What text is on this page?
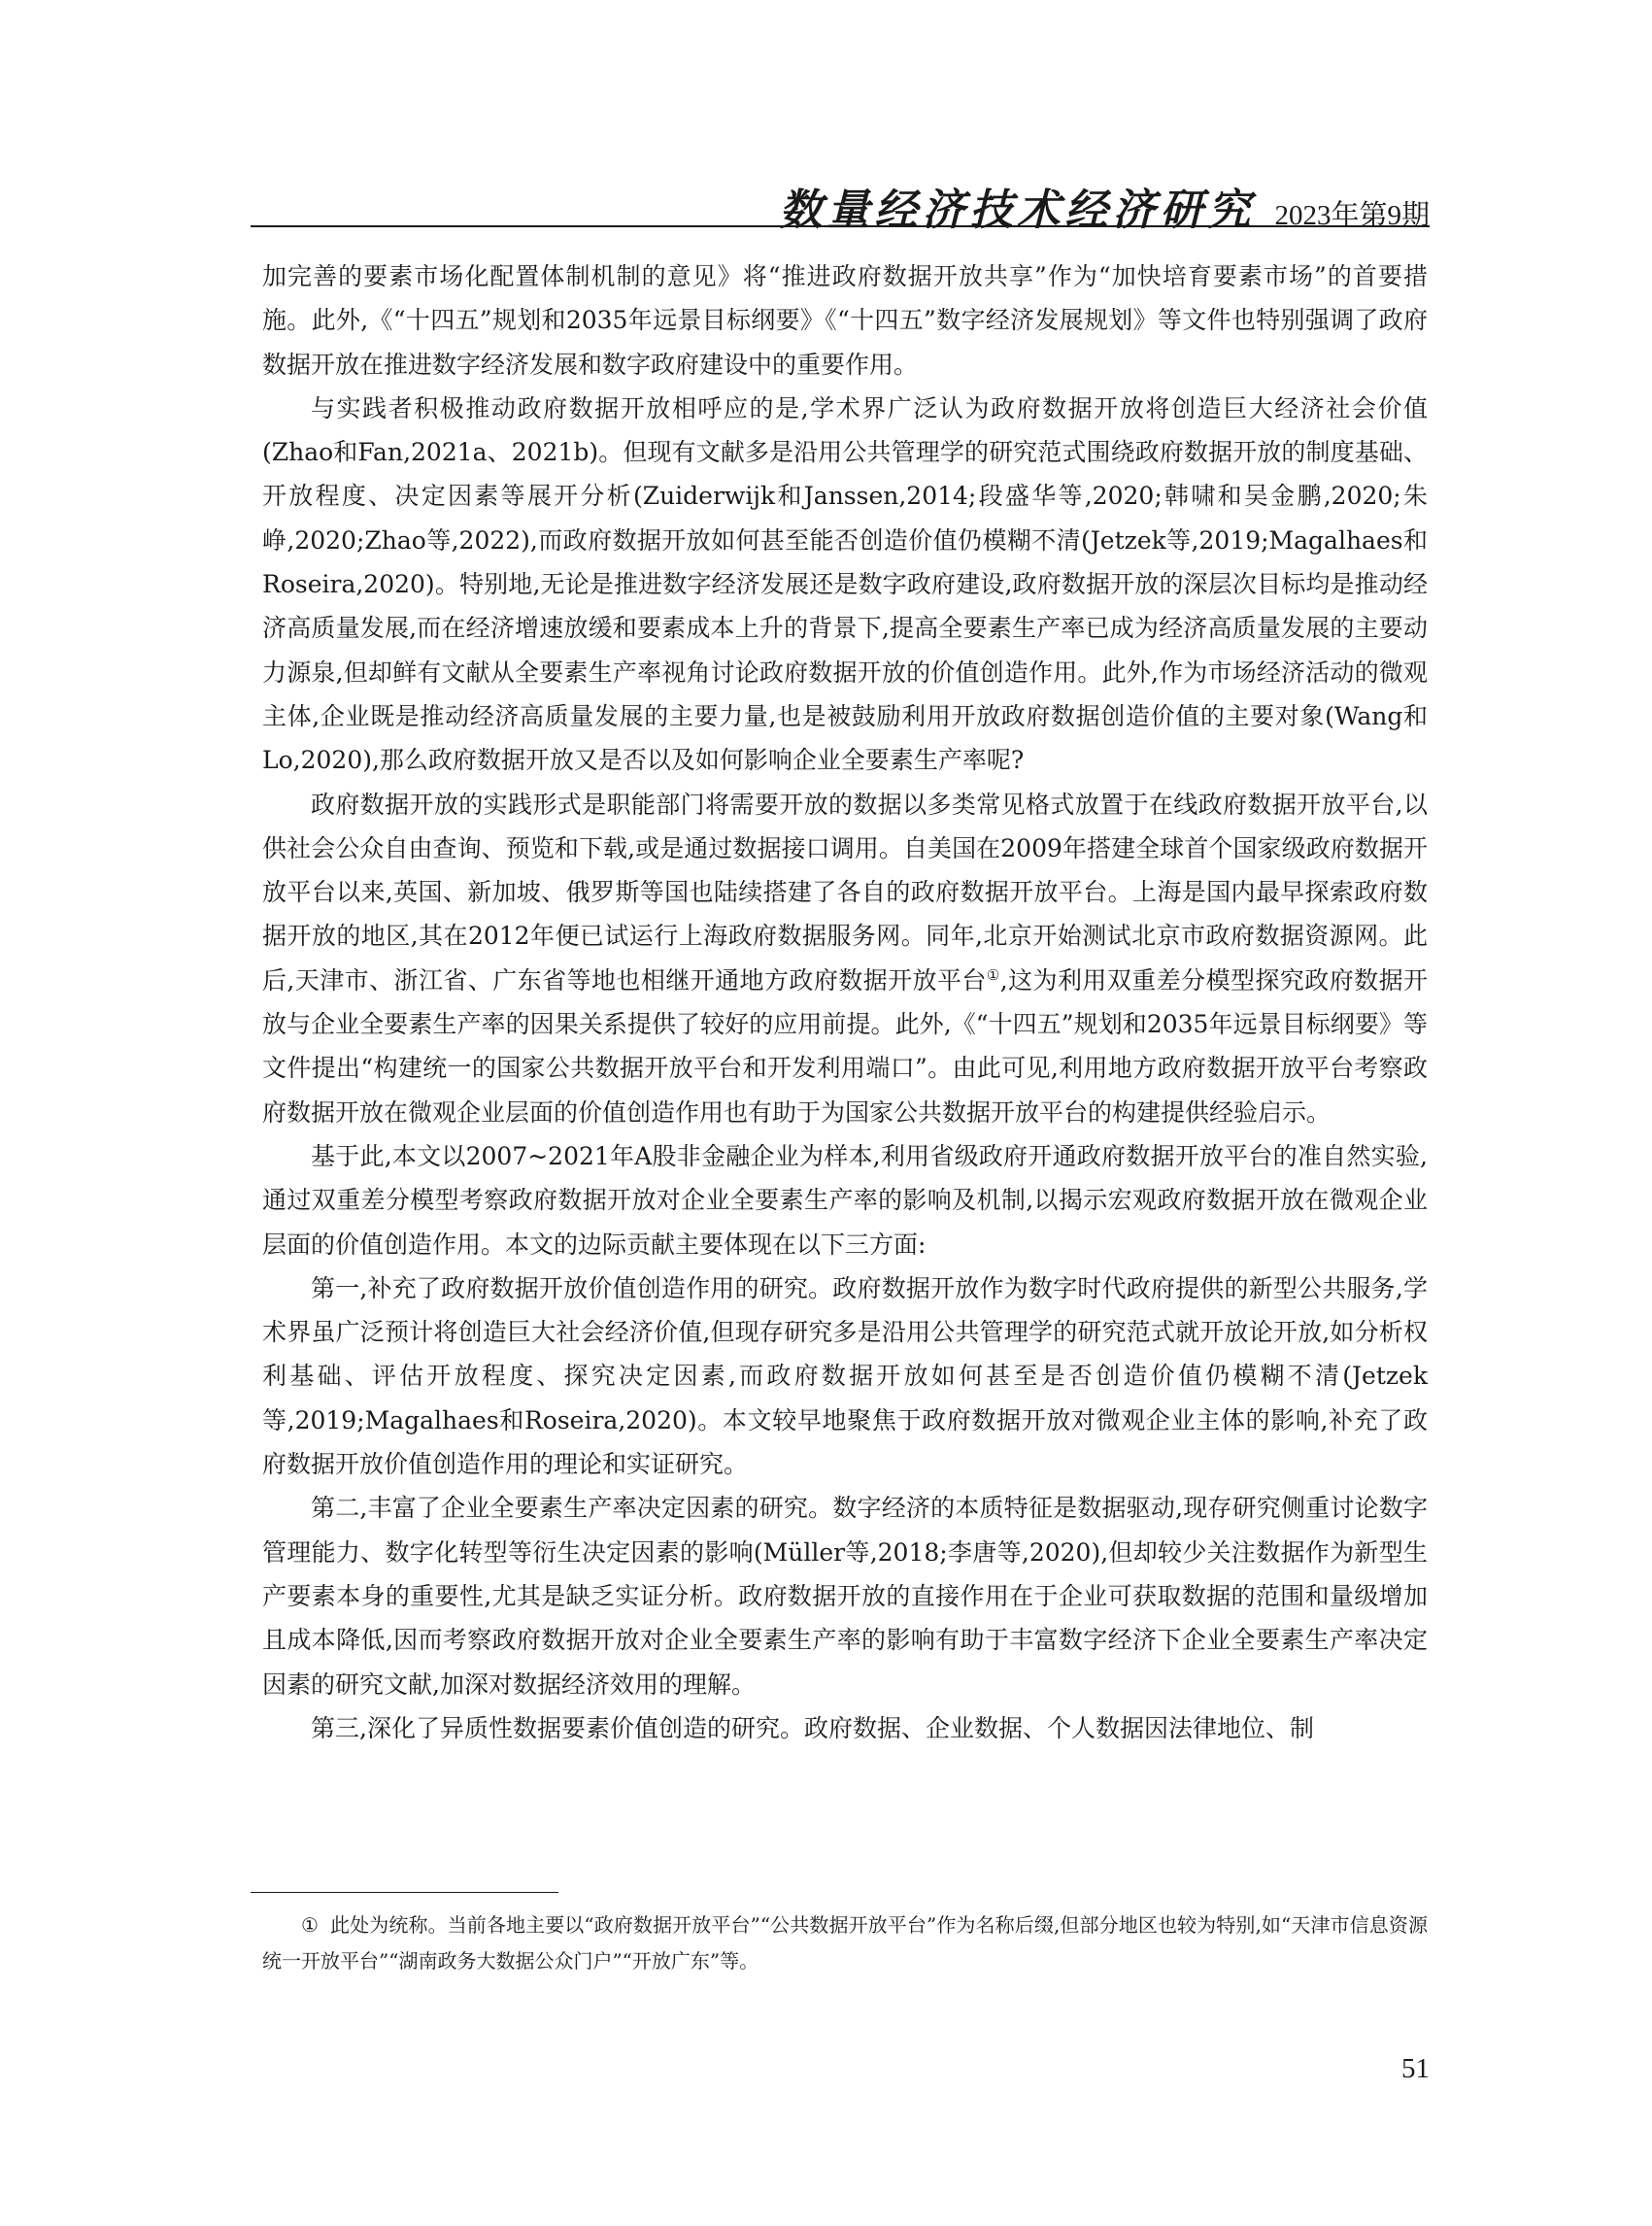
数量经济技术经济研究 2023年第9期

加完善的要素市场化配置体制机制的意见》将“推进政府数据开放共享”作为“加快培育要素市场”的首要措施。此外,《“十四五”规划和2035年远景目标纲要》《“十四五”数字经济发展规划》等文件也特别强调了政府数据开放在推进数字经济发展和数字政府建设中的重要作用。

与实践者积极推动政府数据开放相呼应的是,学术界广泛认为政府数据开放将创造巨大经济社会价值(Zhao和Fan,2021a、2021b)。但现有文献多是沿用公共管理学的研究范式围绕政府数据开放的制度基础、开放程度、决定因素等展开分析(Zuiderwijk和Janssen,2014;段盛华等,2020;韩啸和吴金鹏,2020;朱峥,2020;Zhao等,2022),而政府数据开放如何甚至能否创造价值仍模糊不清(Jetzek等,2019;Magalhaes和Roseira,2020)。特别地,无论是推进数字经济发展还是数字政府建设,政府数据开放的深层次目标均是推动经济高质量发展,而在经济增速放缓和要素成本上升的背景下,提高全要素生产率已成为经济高质量发展的主要动力源泉,但却鲜有文献从全要素生产率视角讨论政府数据开放的价值创造作用。此外,作为市场经济活动的微观主体,企业既是推动经济高质量发展的主要力量,也是被鼓励利用开放政府数据创造价值的主要对象(Wang和Lo,2020),那么政府数据开放又是否以及如何影响企业全要素生产率呢?

政府数据开放的实践形式是职能部门将需要开放的数据以多类常见格式放置于在线政府数据开放平台,以供社会公众自由查询、预览和下载,或是通过数据接口调用。自美国在2009年搭建全球首个国家级政府数据开放平台以来,英国、新加坡、俄罗斯等国也陆续搭建了各自的政府数据开放平台。上海是国内最早探索政府数据开放的地区,其在2012年便已试运行上海政府数据服务网。同年,北京开始测试北京市政府数据资源网。此后,天津市、浙江省、广东省等地也相继开通地方政府数据开放平台①,这为利用双重差分模型探究政府数据开放与企业全要素生产率的因果关系提供了较好的应用前提。此外,《“十四五”规划和2035年远景目标纲要》等文件提出“构建统一的国家公共数据开放平台和开发利用端口”。由此可见,利用地方政府数据开放平台考察政府数据开放在微观企业层面的价值创造作用也有助于为国家公共数据开放平台的构建提供经验启示。

基于此,本文以2007~2021年A股非金融企业为样本,利用省级政府开通政府数据开放平台的准自然实验,通过双重差分模型考察政府数据开放对企业全要素生产率的影响及机制,以揭示宏观政府数据开放在微观企业层面的价值创造作用。本文的边际贡献主要体现在以下三方面:

第一,补充了政府数据开放价值创造作用的研究。政府数据开放作为数字时代政府提供的新型公共服务,学术界虽广泛预计将创造巨大社会经济价值,但现存研究多是沿用公共管理学的研究范式就开放论开放,如分析权利基础、评估开放程度、探究决定因素,而政府数据开放如何甚至是否创造价值仍模糊不清(Jetzek等,2019;Magalhaes和Roseira,2020)。本文较早地聚焦于政府数据开放对微观企业主体的影响,补充了政府数据开放价值创造作用的理论和实证研究。

第二,丰富了企业全要素生产率决定因素的研究。数字经济的本质特征是数据驱动,现存研究侧重讨论数字管理能力、数字化转型等衍生决定因素的影响(Müller等,2018;李唐等,2020),但却较少关注数据作为新型生产要素本身的重要性,尤其是缺乏实证分析。政府数据开放的直接作用在于企业可获取数据的范围和量级增加且成本降低,因而考察政府数据开放对企业全要素生产率的影响有助于丰富数字经济下企业全要素生产率决定因素的研究文献,加深对数据经济效用的理解。

第三,深化了异质性数据要素价值创造的研究。政府数据、企业数据、个人数据因法律地位、制

① 此处为统称。当前各地主要以“政府数据开放平台”“公共数据开放平台”作为名称后缀,但部分地区也较为特别,如“天津市信息资源统一开放平台”“湖南政务大数据公众门户”“开放广东”等。

51
